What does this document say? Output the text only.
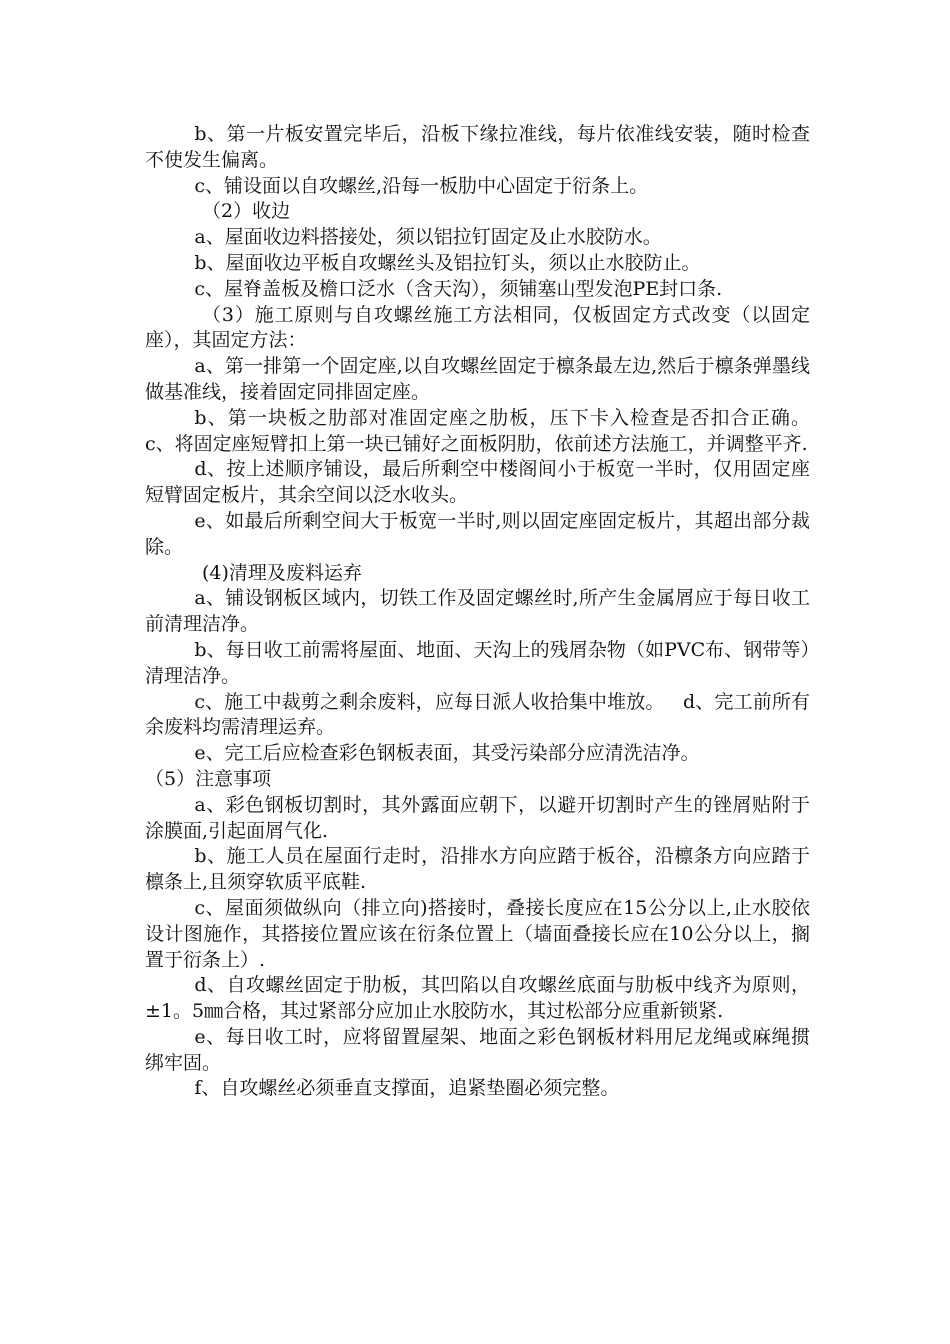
b、第一片板安置完毕后，沿板下缘拉准线，每片依准线安装，随时检查不使发生偏离。

c、铺设面以自攻螺丝,沿每一板肋中心固定于衍条上。

（2）收边

a、屋面收边料搭接处，须以铝拉钉固定及止水胶防水。

b、屋面收边平板自攻螺丝头及铝拉钉头，须以止水胶防止。

c、屋脊盖板及檐口泛水（含天沟），须铺塞山型发泡PE封口条.

（3）施工原则与自攻螺丝施工方法相同，仅板固定方式改变（以固定座），其固定方法：

a、第一排第一个固定座,以自攻螺丝固定于檩条最左边,然后于檩条弹墨线做基准线，接着固定同排固定座。

b、第一块板之肋部对准固定座之肋板，压下卡入检查是否扣合正确。   c、将固定座短臂扣上第一块已铺好之面板阴肋，依前述方法施工，并调整平齐.

d、按上述顺序铺设，最后所剩空中楼阁间小于板宽一半时，仅用固定座短臂固定板片，其余空间以泛水收头。

e、如最后所剩空间大于板宽一半时,则以固定座固定板片，其超出部分裁除。

(4)清理及废料运弃

a、铺设钢板区域内，切铁工作及固定螺丝时,所产生金属屑应于每日收工前清理洁净。

b、每日收工前需将屋面、地面、天沟上的残屑杂物（如PVC布、钢带等）清理洁净。

c、施工中裁剪之剩余废料，应每日派人收拾集中堆放。   d、完工前所有余废料均需清理运弃。

e、完工后应检查彩色钢板表面，其受污染部分应清洗洁净。

（5）注意事项

a、彩色钢板切割时，其外露面应朝下，以避开切割时产生的锉屑贴附于涂膜面,引起面屑气化.

b、施工人员在屋面行走时，沿排水方向应踏于板谷，沿檩条方向应踏于檩条上,且须穿软质平底鞋.

c、屋面须做纵向（排立向)搭接时，叠接长度应在15公分以上,止水胶依设计图施作，其搭接位置应该在衍条位置上（墙面叠接长应在10公分以上，搁置于衍条上）.

d、自攻螺丝固定于肋板，其凹陷以自攻螺丝底面与肋板中线齐为原则，±1。5㎜合格，其过紧部分应加止水胶防水，其过松部分应重新锁紧.

e、每日收工时，应将留置屋架、地面之彩色钢板材料用尼龙绳或麻绳掼绑牢固。

f、自攻螺丝必须垂直支撑面，追紧垫圈必须完整。
